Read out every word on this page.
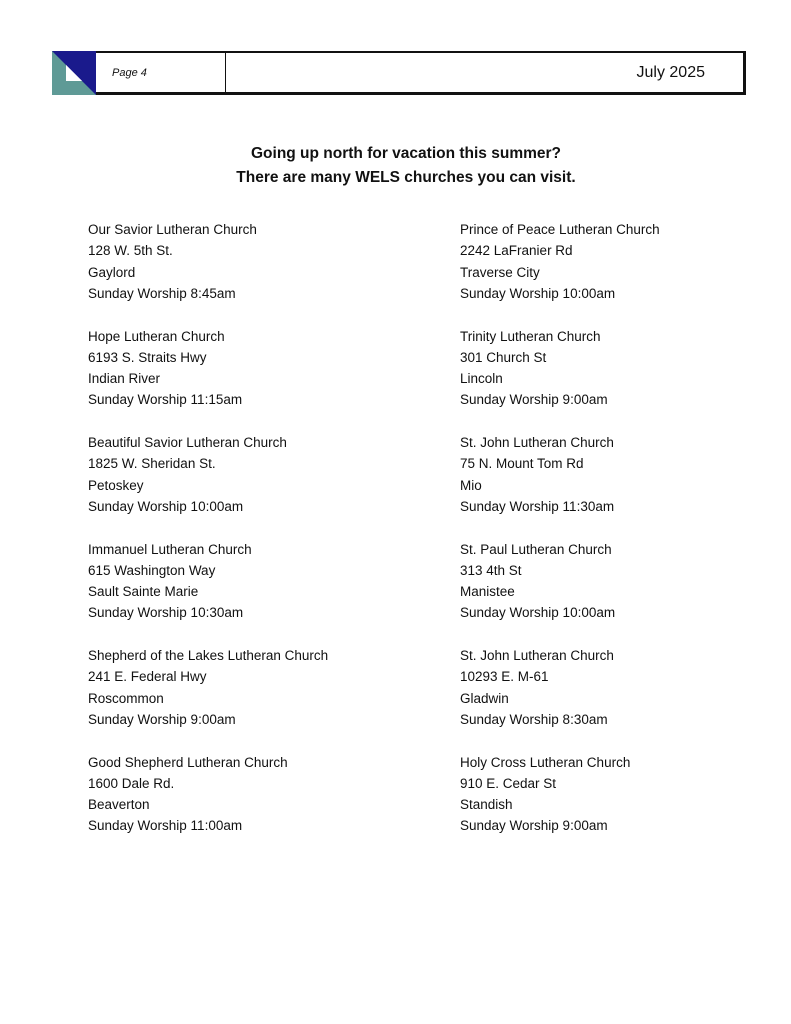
Page 4	July 2025
Going up north for vacation this summer?
There are many WELS churches you can visit.
Our Savior Lutheran Church
128 W. 5th St.
Gaylord
Sunday Worship 8:45am
Hope Lutheran Church
6193 S. Straits Hwy
Indian River
Sunday Worship 11:15am
Beautiful Savior Lutheran Church
1825 W. Sheridan St.
Petoskey
Sunday Worship 10:00am
Immanuel Lutheran Church
615 Washington Way
Sault Sainte Marie
Sunday Worship 10:30am
Shepherd of the Lakes Lutheran Church
241 E. Federal Hwy
Roscommon
Sunday Worship 9:00am
Good Shepherd Lutheran Church
1600 Dale Rd.
Beaverton
Sunday Worship 11:00am
Prince of Peace Lutheran Church
2242 LaFranier Rd
Traverse City
Sunday Worship 10:00am
Trinity Lutheran Church
301 Church St
Lincoln
Sunday Worship 9:00am
St. John Lutheran Church
75 N. Mount Tom Rd
Mio
Sunday Worship 11:30am
St. Paul Lutheran Church
313 4th St
Manistee
Sunday Worship 10:00am
St. John Lutheran Church
10293 E. M-61
Gladwin
Sunday Worship 8:30am
Holy Cross Lutheran Church
910 E. Cedar St
Standish
Sunday Worship 9:00am
